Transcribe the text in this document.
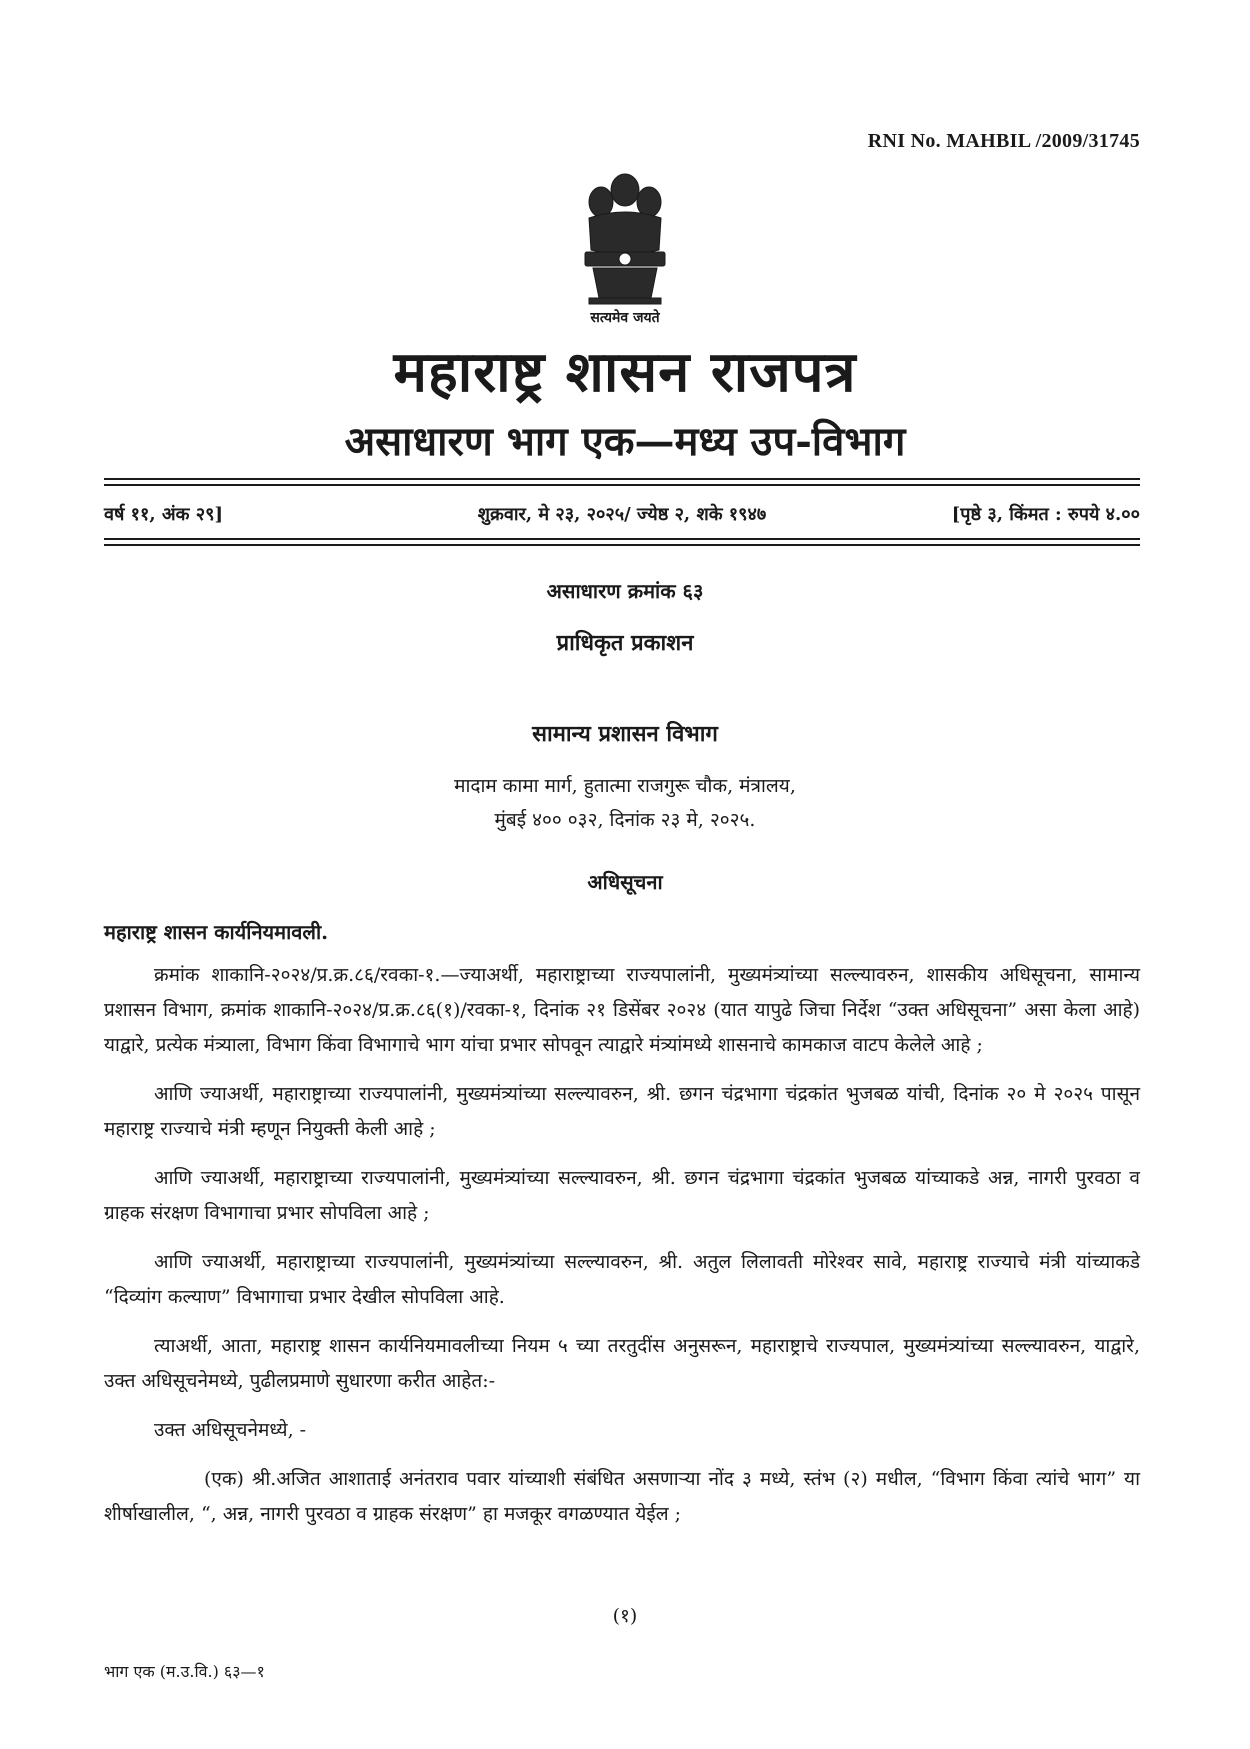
RNI No. MAHBIL /2009/31745
सत्यमेव जयते
महाराष्ट्र शासन राजपत्र
असाधारण भाग एक—मध्य उप-विभाग
वर्ष ११, अंक २९]	शुक्रवार, मे २३, २०२५/ ज्येष्ठ २, शके १९४७	[पृष्ठे ३, किंमत : रुपये ४.००
असाधारण क्रमांक ६३
प्राधिकृत प्रकाशन
सामान्य प्रशासन विभाग
मादाम कामा मार्ग, हुतात्मा राजगुरू चौक, मंत्रालय,
मुंबई ४०० ०३२, दिनांक २३ मे, २०२५.
अधिसूचना
महाराष्ट्र शासन कार्यनियमावली.

क्रमांक शाकानि-२०२४/प्र.क्र.८६/रवका-१.—ज्याअर्थी, महाराष्ट्राच्या राज्यपालांनी, मुख्यमंत्र्यांच्या सल्ल्यावरुन, शासकीय अधिसूचना, सामान्य प्रशासन विभाग, क्रमांक शाकानि-२०२४/प्र.क्र.८६(१)/रवका-१, दिनांक २१ डिसेंबर २०२४ (यात यापुढे जिचा निर्देश “उक्त अधिसूचना” असा केला आहे) याद्वारे, प्रत्येक मंत्र्याला, विभाग किंवा विभागाचे भाग यांचा प्रभार सोपवून त्याद्वारे मंत्र्यांमध्ये शासनाचे कामकाज वाटप केलेले आहे ;

आणि ज्याअर्थी, महाराष्ट्राच्या राज्यपालांनी, मुख्यमंत्र्यांच्या सल्ल्यावरुन, श्री. छगन चंद्रभागा चंद्रकांत भुजबळ यांची, दिनांक २० मे २०२५ पासून महाराष्ट्र राज्याचे मंत्री म्हणून नियुक्ती केली आहे ;

आणि ज्याअर्थी, महाराष्ट्राच्या राज्यपालांनी, मुख्यमंत्र्यांच्या सल्ल्यावरुन, श्री. छगन चंद्रभागा चंद्रकांत भुजबळ यांच्याकडे अन्न, नागरी पुरवठा व ग्राहक संरक्षण विभागाचा प्रभार सोपविला आहे ;

आणि ज्याअर्थी, महाराष्ट्राच्या राज्यपालांनी, मुख्यमंत्र्यांच्या सल्ल्यावरुन, श्री. अतुल लिलावती मोरेश्वर सावे, महाराष्ट्र राज्याचे मंत्री यांच्याकडे “दिव्यांग कल्याण” विभागाचा प्रभार देखील सोपविला आहे.

त्याअर्थी, आता, महाराष्ट्र शासन कार्यनियमावलीच्या नियम ५ च्या तरतुदींस अनुसरून, महाराष्ट्राचे राज्यपाल, मुख्यमंत्र्यांच्या सल्ल्यावरुन, याद्वारे, उक्त अधिसूचनेमध्ये, पुढीलप्रमाणे सुधारणा करीत आहेत:-

उक्त अधिसूचनेमध्ये, -

(एक) श्री.अजित आशाताई अनंतराव पवार यांच्याशी संबंधित असणाऱ्या नोंद ३ मध्ये, स्तंभ (२) मधील, “विभाग किंवा त्यांचे भाग” या शीर्षाखालील, “, अन्न, नागरी पुरवठा व ग्राहक संरक्षण” हा मजकूर वगळण्यात येईल ;

(१)
भाग एक (म.उ.वि.) ६३—१
